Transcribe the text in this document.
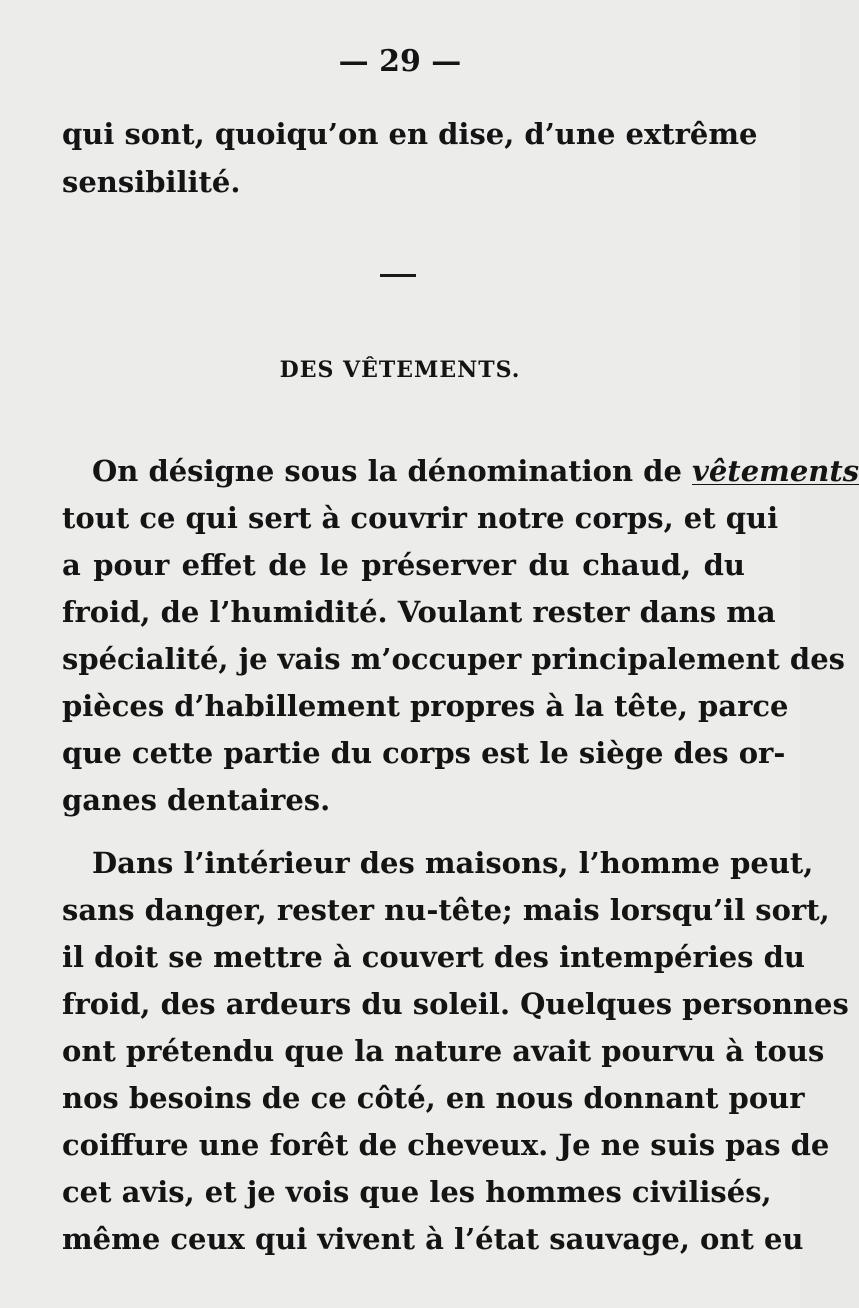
— 29 —
qui sont, quoiqu’on en dise, d’une extrême
sensibilité.
DES VÊTEMENTS.
On désigne sous la dénomination de vêtements
tout ce qui sert à couvrir notre corps, et qui
a pour effet de le préserver du chaud, du
froid, de l’humidité. Voulant rester dans ma
spécialité, je vais m’occuper principalement des
pièces d’habillement propres à la tête, parce
que cette partie du corps est le siège des or-
ganes dentaires.
Dans l’intérieur des maisons, l’homme peut,
sans danger, rester nu-tête; mais lorsqu’il sort,
il doit se mettre à couvert des intempéries du
froid, des ardeurs du soleil. Quelques personnes
ont prétendu que la nature avait pourvu à tous
nos besoins de ce côté, en nous donnant pour
coiffure une forêt de cheveux. Je ne suis pas de
cet avis, et je vois que les hommes civilisés,
même ceux qui vivent à l’état sauvage, ont eu
